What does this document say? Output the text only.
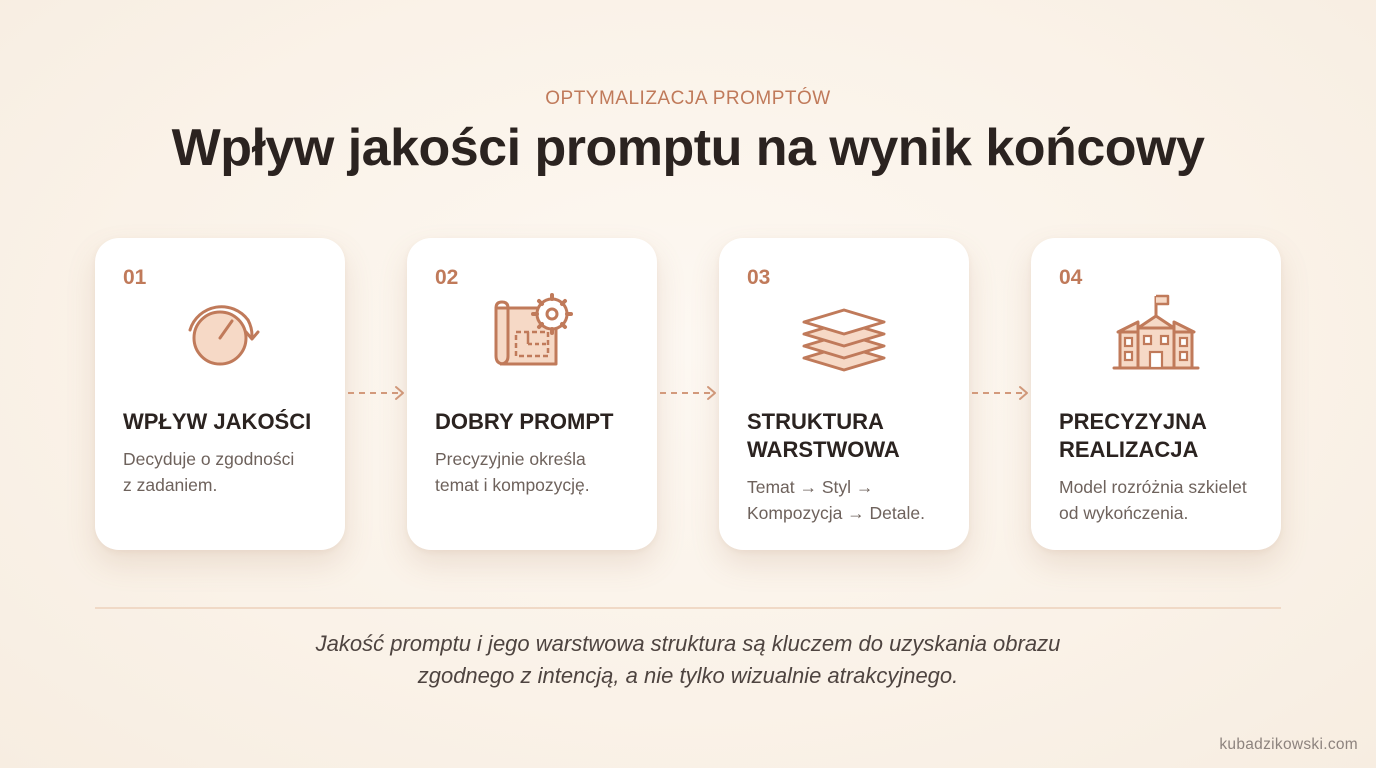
OPTYMALIZACJA PROMPTÓW
Wpływ jakości promptu na wynik końcowy
01
WPŁYW JAKOŚCI
Decyduje o zgodności
z zadaniem.
02
DOBRY PROMPT
Precyzyjnie określa
temat i kompozycję.
03
STRUKTURA
WARSTWOWA
Temat → Styl →
Kompozycja → Detale.
04
PRECYZYJNA
REALIZACJA
Model rozróżnia szkielet
od wykończenia.
Jakość promptu i jego warstwowa struktura są kluczem do uzyskania obrazu
zgodnego z intencją, a nie tylko wizualnie atrakcyjnego.
kubadzikowski.com
